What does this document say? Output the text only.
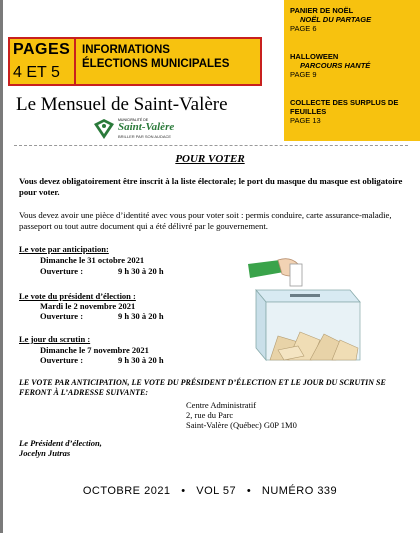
PAGES
4 ET 5
INFORMATIONS
ÉLECTIONS MUNICIPALES
PANIER DE NOËL
NOËL DU PARTAGE
PAGE 6
HALLOWEEN
PARCOURS HANTÉ
PAGE 9
COLLECTE DES SURPLUS DE FEUILLES
PAGE 13
Le Mensuel de Saint-Valère
MUNICIPALITÉ DE
Saint-Valère
BRILLER PAR SON AUDACE
POUR VOTER
Vous devez obligatoirement être inscrit à la liste électorale; le port du masque du masque est obligatoire pour voter.
Vous devez avoir une pièce d’identité avec vous pour voter soit : permis conduire, carte assurance-maladie, passeport ou tout autre document qui a été délivré par le gouvernement.
Le vote par anticipation:
Dimanche le 31 octobre 2021
Ouverture :	9 h 30 à 20 h
Le vote du président d’élection :
Mardi le 2 novembre 2021
Ouverture :	9 h 30 à 20 h
Le jour du scrutin :
Dimanche le 7 novembre 2021
Ouverture :	9 h 30 à 20 h
LE VOTE PAR ANTICIPATION, LE VOTE DU PRÉSIDENT D’ÉLECTION ET LE JOUR DU SCRUTIN SE FERONT À L’ADRESSE SUIVANTE:
Centre Administratif
2, rue du Parc
Saint-Valère (Québec) G0P 1M0
Le Président d’élection,
Jocelyn Jutras
OCTOBRE 2021 • VOL 57 • NUMÉRO 339
